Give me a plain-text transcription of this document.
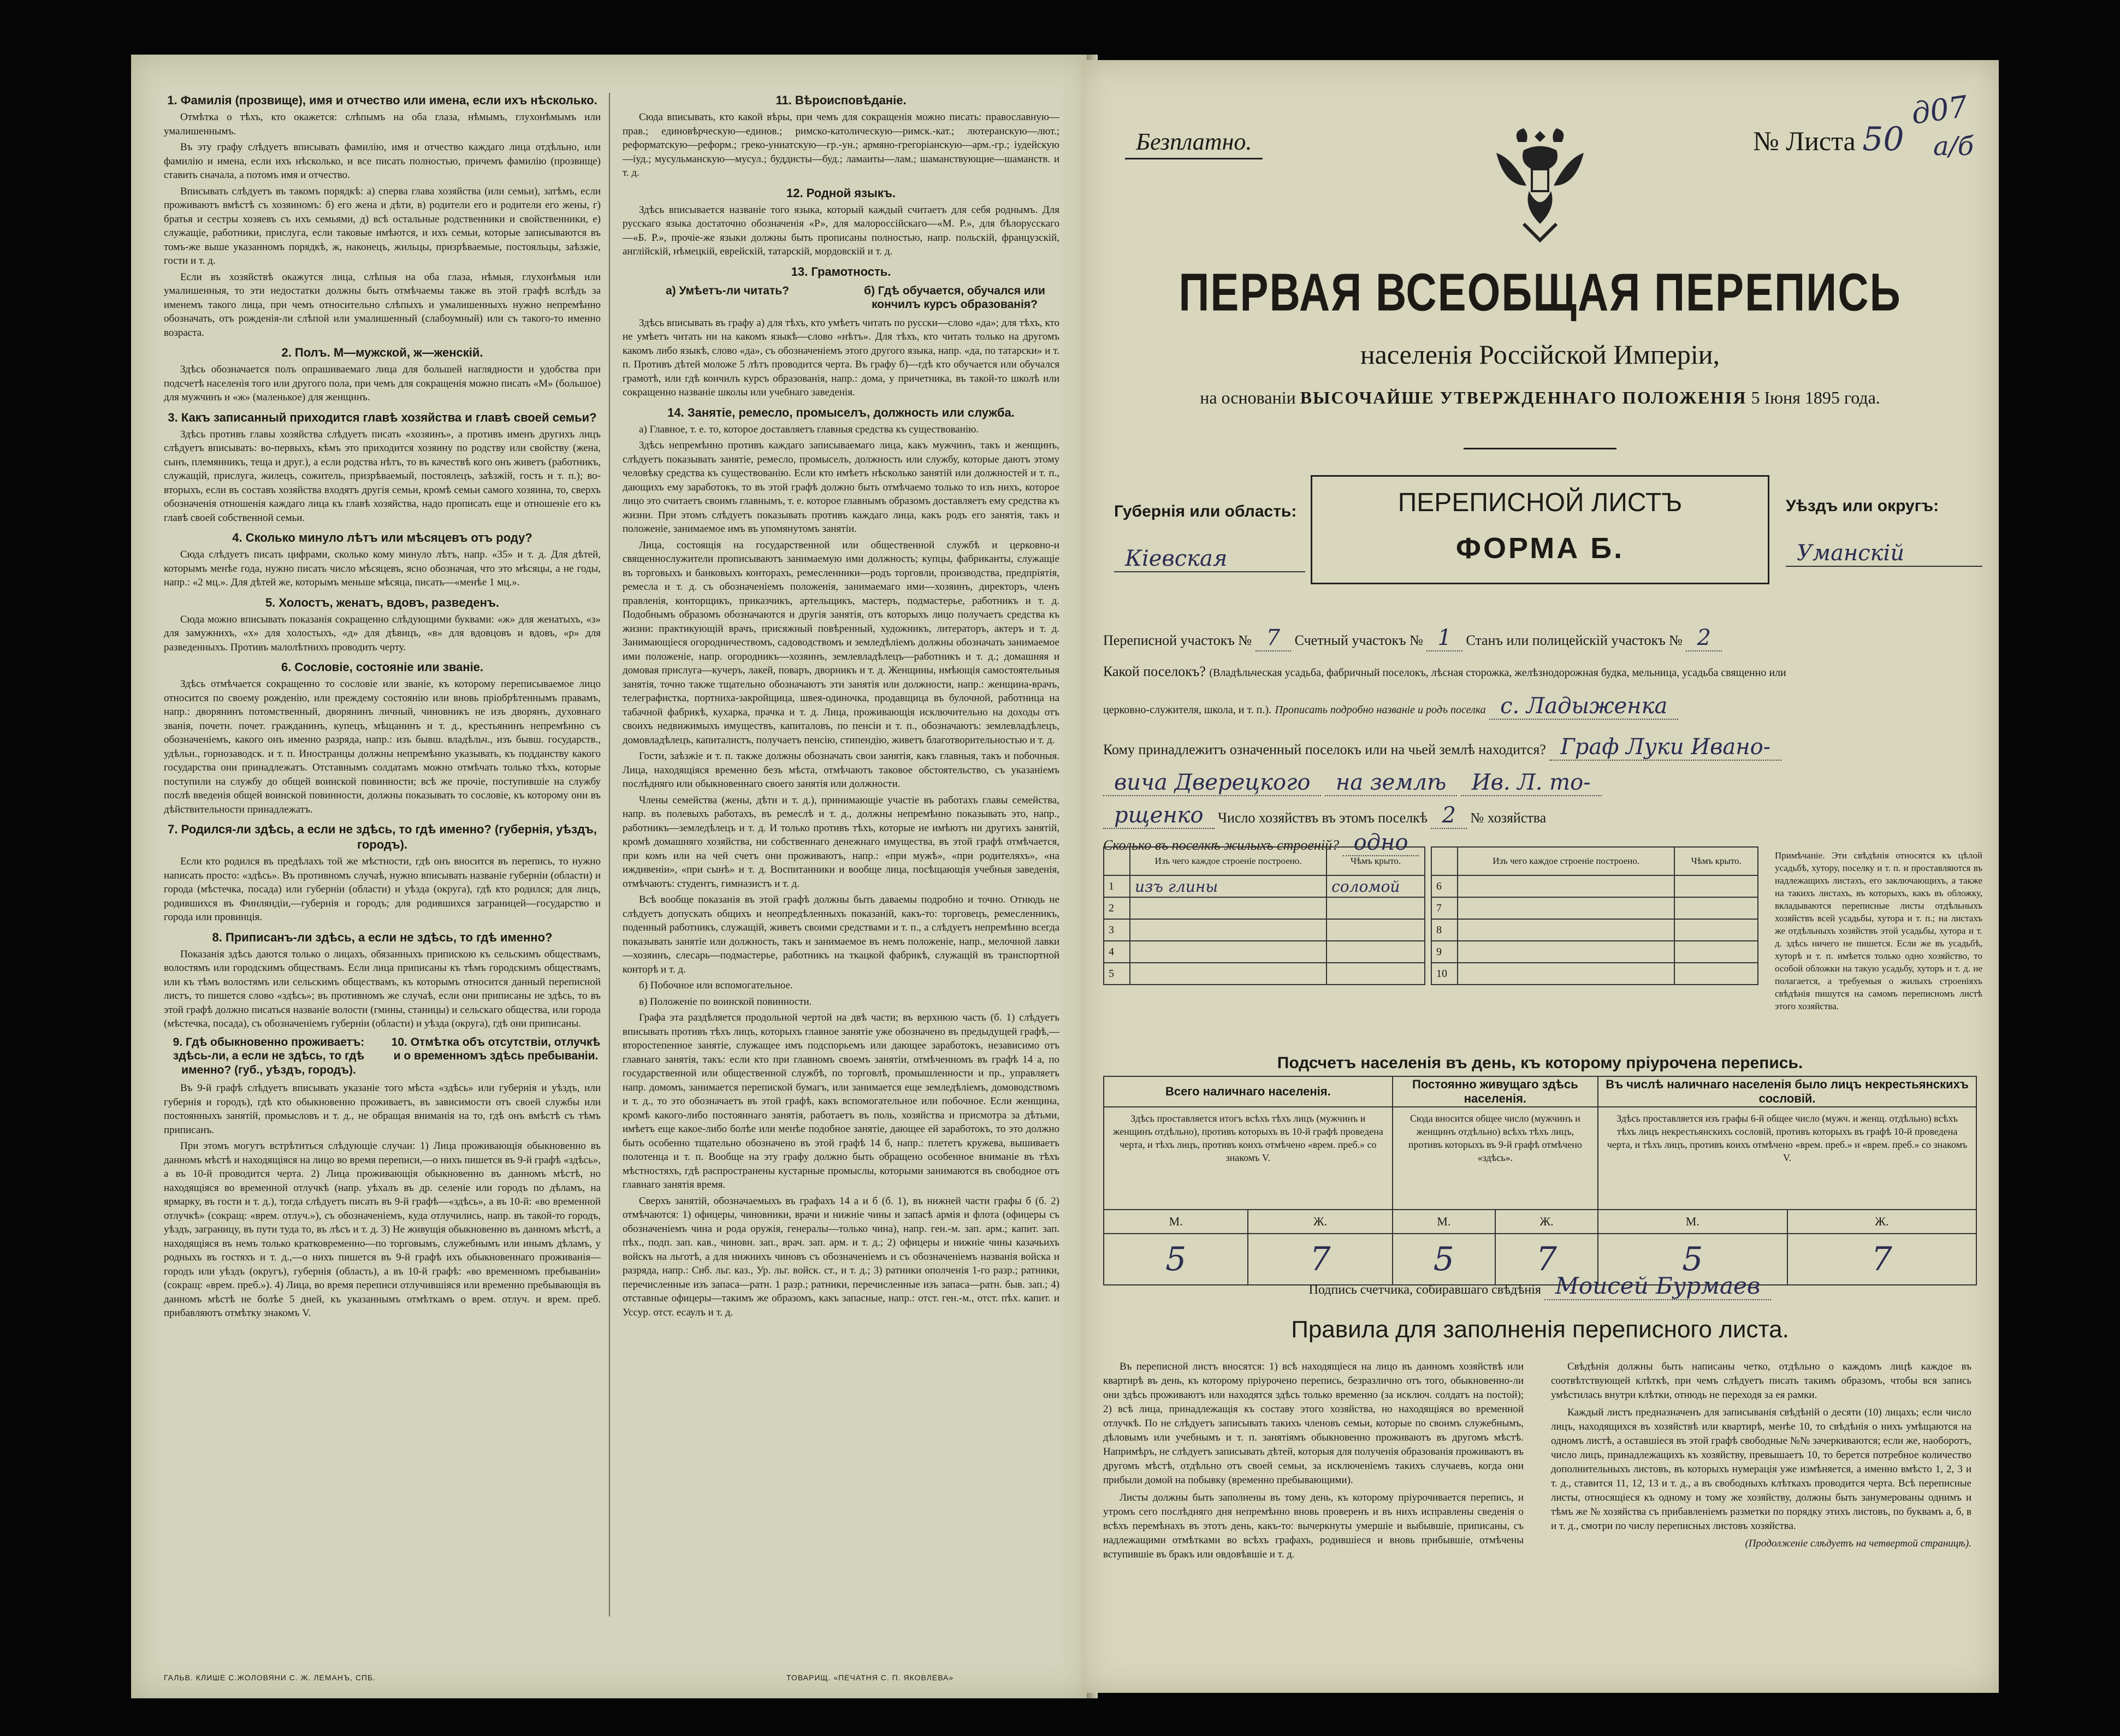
1. Фамилія (прозвище), имя и отчество или имена, если ихъ нѣсколько.

Отмѣтка о тѣхъ, кто окажется: слѣпымъ на оба глаза, нѣмымъ, глухонѣмымъ или умалишеннымъ.

Въ эту графу слѣдуетъ вписывать фамилію, имя и отчество каждаго лица отдѣльно, или фамилію и имена, если ихъ нѣсколько, и все писать полностью, причемъ фамилію (прозвище) ставить сначала, а потомъ имя и отчество.

Вписывать слѣдуетъ въ такомъ порядкѣ: а) сперва глава хозяйства (или семьи), затѣмъ, если проживаютъ вмѣстѣ съ хозяиномъ: б) его жена и дѣти, в) родители его и родители его жены, г) братья и сестры хозяевъ съ ихъ семьями, д) всѣ остальные родственники и свойственники, е) служащіе, работники, прислуга, если таковые имѣются, и ихъ семьи, которые записываются въ томъ-же выше указанномъ порядкѣ, ж, наконецъ, жильцы, призрѣваемые, постояльцы, заѣзжіе, гости и т. д.

Если въ хозяйствѣ окажутся лица, слѣпыя на оба глаза, нѣмыя, глухонѣмыя или умалишенныя, то эти недостатки должны быть отмѣчаемы также въ этой графѣ вслѣдъ за именемъ такого лица, при чемъ относительно слѣпыхъ и умалишенныхъ нужно непремѣнно обозначать, отъ рожденія-ли слѣпой или умалишенный (слабоумный) или съ такого-то именно возраста.

2. Полъ. М—мужской, ж—женскій.

Здѣсь обозначается полъ опрашиваемаго лица для большей наглядности и удобства при подсчетѣ населенія того или другого пола, при чемъ для сокращенія можно писать «М» (большое) для мужчинъ и «ж» (маленькое) для женщинъ.

3. Какъ записанный приходится главѣ хозяйства и главѣ своей семьи?

Здѣсь противъ главы хозяйства слѣдуетъ писать «хозяинъ», а противъ именъ другихъ лицъ слѣдуетъ вписывать: во-первыхъ, кѣмъ это приходится хозяину по родству или свойству (жена, сынъ, племянникъ, теща и друг.), а если родства нѣтъ, то въ качествѣ кого онъ живетъ (работникъ, служащій, прислуга, жилецъ, сожитель, призрѣваемый, постоялецъ, заѣзжій, гость и т. п.); во-вторыхъ, если въ составъ хозяйства входятъ другія семьи, кромѣ семьи самого хозяина, то, сверхъ обозначенія отношенія каждаго лица къ главѣ хозяйства, надо прописать еще и отношеніе его къ главѣ своей собственной семьи.

4. Сколько минуло лѣтъ или мѣсяцевъ отъ роду?

Сюда слѣдуетъ писать цифрами, сколько кому минуло лѣтъ, напр. «35» и т. д. Для дѣтей, которымъ менѣе года, нужно писать число мѣсяцевъ, ясно обозначая, что это мѣсяцы, а не годы, напр.: «2 мц.». Для дѣтей же, которымъ меньше мѣсяца, писать—«менѣе 1 мц.».

5. Холостъ, женатъ, вдовъ, разведенъ.

Сюда можно вписывать показанія сокращенно слѣдующими буквами: «ж» для женатыхъ, «з» для замужнихъ, «х» для холостыхъ, «д» для дѣвицъ, «в» для вдовцовъ и вдовъ, «р» для разведенныхъ. Противъ малолѣтнихъ проводить черту.

6. Сословіе, состояніе или званіе.

Здѣсь отмѣчается сокращенно то сословіе или званіе, къ которому переписываемое лицо относится по своему рожденію, или преждему состоянію или вновь пріобрѣтеннымъ правамъ, напр.: дворянинъ потомственный, дворянинъ личный, чиновникъ не изъ дворянъ, духовнаго званія, почетн. почет. гражданинъ, купецъ, мѣщанинъ и т. д., крестьянинъ непремѣнно съ обозначеніемъ, какого онъ именно разряда, напр.: изъ бывш. владѣльч., изъ бывш. государств., удѣльн., горнозаводск. и т. п. Иностранцы должны непремѣнно указывать, къ подданству какого государства они принадлежатъ. Отставнымъ солдатамъ можно отмѣчать только тѣхъ, которые поступили на службу до общей воинской повинности; всѣ же прочіе, поступившіе на службу послѣ введенія общей воинской повинности, должны показывать то сословіе, къ которому они въ дѣйствительности принадлежатъ.

7. Родился-ли здѣсь, а если не здѣсь, то гдѣ именно? (губернія, уѣздъ, городъ).

Если кто родился въ предѣлахъ той же мѣстности, гдѣ онъ вносится въ перепись, то нужно написать просто: «здѣсь». Въ противномъ случаѣ, нужно вписывать названіе губерніи (области) и города (мѣстечка, посада) или губерніи (области) и уѣзда (округа), гдѣ кто родился; для лицъ, родившихся въ Финляндіи,—губернія и городъ; для родившихся заграницей—государство и города или провинція.

8. Приписанъ-ли здѣсь, а если не здѣсь, то гдѣ именно?

Показанія здѣсь даются только о лицахъ, обязанныхъ припискою къ сельскимъ обществамъ, волостямъ или городскимъ обществамъ. Если лица приписаны къ тѣмъ городскимъ обществамъ, или къ тѣмъ волостямъ или сельскимъ обществамъ, къ которымъ относится данный переписной листъ, то пишется слово «здѣсь»; въ противномъ же случаѣ, если они приписаны не здѣсь, то въ этой графѣ должно писаться названіе волости (гмины, станицы) и сельскаго общества, или города (мѣстечка, посада), съ обозначеніемъ губерніи (области) и уѣзда (округа), гдѣ они приписаны.

9. Гдѣ обыкновенно проживаетъ: здѣсь-ли, а если не здѣсь, то гдѣ именно? (губ., уѣздъ, городъ).
10. Отмѣтка объ отсутствіи, отлучкѣ и о временномъ здѣсь пребываніи.

Въ 9-й графѣ слѣдуетъ вписывать указаніе того мѣста «здѣсь» или губернія и уѣздъ, или губернія и городъ), гдѣ кто обыкновенно проживаетъ, въ зависимости отъ своей службы или постоянныхъ занятій, промысловъ и т. д., не обращая вниманія на то, гдѣ онъ вмѣстѣ съ тѣмъ приписанъ.

При этомъ могутъ встрѣтиться слѣдующіе случаи: 1) Лица проживающія обыкновенно въ данномъ мѣстѣ и находящіяся на лицо во время переписи,—о нихъ пишется въ 9-й графѣ «здѣсь», а въ 10-й проводится черта. 2) Лица проживающія обыкновенно въ данномъ мѣстѣ, но находящіяся во временной отлучкѣ (напр. уѣхалъ въ др. селеніе или городъ по дѣламъ, на ярмарку, въ гости и т. д.), тогда слѣдуетъ писать въ 9-й графѣ—«здѣсь», а въ 10-й: «во временной отлучкѣ» (сокращ: «врем. отлуч.»), съ обозначеніемъ, куда отлучились, напр. въ такой-то городъ, уѣздъ, заграницу, въ пути туда то, въ лѣсъ и т. д. 3) Не живущія обыкновенно въ данномъ мѣстѣ, а находящіяся въ немъ только кратковременно—по торговымъ, служебнымъ или инымъ дѣламъ, у родныхъ въ гостяхъ и т. д.,—о нихъ пишется въ 9-й графѣ ихъ обыкновеннаго проживанія—городъ или уѣздъ (округъ), губернія (область), а въ 10-й графѣ: «во временномъ пребываніи» (сокращ: «врем. преб.»). 4) Лица, во время переписи отлучившіяся или временно пребывающія въ данномъ мѣстѣ не болѣе 5 дней, къ указаннымъ отмѣткамъ о врем. отлуч. и врем. преб. прибавляютъ отмѣтку знакомъ V.

11. Вѣроисповѣданіе.

Сюда вписывать, кто какой вѣры, при чемъ для сокращенія можно писать: православную—прав.; единовѣрческую—единов.; римско-католическую—римск.-кат.; лютеранскую—лют.; реформатскую—реформ.; греко-униатскую—гр.-ун.; армяно-грегоріанскую—арм.-гр.; іудейскую—іуд.; мусульманскую—мусул.; буддисты—буд.; ламаиты—лам.; шаманствующие—шаманств. и т. д.

12. Родной языкъ.

Здѣсь вписывается названіе того языка, который каждый считаетъ для себя роднымъ. Для русскаго языка достаточно обозначенія «Р», для малороссійскаго—«М. Р.», для бѣлорусскаго—«Б. Р.», прочіе-же языки должны быть прописаны полностью, напр. польскій, французскій, англійскій, нѣмецкій, еврейскій, татарскій, мордовскій и т. д.

13. Грамотность.
а) Умѣетъ-ли читать?	б) Гдѣ обучается, обучался или кончилъ курсъ образованія?

Здѣсь вписывать въ графу а) для тѣхъ, кто умѣетъ читать по русски—слово «да»; для тѣхъ, кто не умѣетъ читать ни на какомъ языкѣ—слово «нѣтъ». Для тѣхъ, кто читать только на другомъ какомъ либо языкѣ, слово «да», съ обозначеніемъ этого другого языка, напр. «да, по татарски» и т. п. Противъ дѣтей моложе 5 лѣтъ проводится черта. Въ графу б)—гдѣ кто обучается или обучался грамотѣ, или гдѣ кончилъ курсъ образованія, напр.: дома, у причетника, въ такой-то школѣ или сокращенно названіе школы или учебнаго заведенія.

14. Занятіе, ремесло, промыселъ, должность или служба.

а) Главное, т. е. то, которое доставляетъ главныя средства къ существованію.

Здѣсь непремѣнно противъ каждаго записываемаго лица, какъ мужчинъ, такъ и женщинъ, слѣдуетъ показывать занятіе, ремесло, промыселъ, должность или службу, которые даютъ этому человѣку средства къ существованію. Если кто имѣетъ нѣсколько занятій или должностей и т. п., дающихъ ему заработокъ, то въ этой графѣ должно быть отмѣчаемо только то изъ нихъ, которое лицо это считаетъ своимъ главнымъ, т. е. которое главнымъ образомъ доставляетъ ему средства къ жизни. При этомъ слѣдуетъ показывать противъ каждаго лица, какъ родъ его занятія, такъ и положеніе, занимаемое имъ въ упомянутомъ занятіи.

Лица, состоящія на государственной или общественной службѣ и церковно-и священнослужители прописываютъ занимаемую ими должность; купцы, фабриканты, служащіе въ торговыхъ и банковыхъ конторахъ, ремесленники—родъ торговли, производства, предпріятія, ремесла и т. д. съ обозначеніемъ положенія, занимаемаго ими—хозяинъ, директоръ, членъ правленія, конторщикъ, приказчикъ, артельщикъ, мастеръ, подмастерье, работникъ и т. д. Подобнымъ образомъ обозначаются и другія занятія, отъ которыхъ лицо получаетъ средства къ жизни: практикующій врачъ, присяжный повѣренный, художникъ, литераторъ, актеръ и т. д. Занимающіеся огородничествомъ, садоводствомъ и земледѣліемъ должны обозначать занимаемое ими положеніе, напр. огородникъ—хозяинъ, землевладѣлецъ—работникъ и т. д.; домашняя и домовая прислуга—кучеръ, лакей, поваръ, дворникъ и т. д. Женщины, имѣющія самостоятельныя занятія, точно также тщательно обозначаютъ эти занятія или должности, напр.: женщина-врачъ, телеграфистка, портниха-закройщица, швея-одиночка, продавщица въ булочной, работница на табачной фабрикѣ, кухарка, прачка и т. д. Лица, проживающія исключительно на доходы отъ своихъ недвижимыхъ имуществъ, капиталовъ, по пенсіи и т. п., обозначаютъ: землевладѣлецъ, домовладѣлецъ, капиталистъ, получаетъ пенсію, стипендію, живетъ благотворительностью и т. д.

Гости, заѣзжіе и т. п. также должны обозначать свои занятія, какъ главныя, такъ и побочныя. Лица, находящіяся временно безъ мѣста, отмѣчаютъ таковое обстоятельство, съ указаніемъ послѣдняго или обыкновеннаго своего занятія или должности.

Члены семейства (жены, дѣти и т. д.), принимающіе участіе въ работахъ главы семейства, напр. въ полевыхъ работахъ, въ ремеслѣ и т. д., должны непремѣнно показывать это, напр., работникъ—земледѣлецъ и т. д. И только противъ тѣхъ, которые не имѣютъ ни другихъ занятій, кромѣ домашняго хозяйства, ни собственнаго денежнаго имущества, въ этой графѣ отмѣчается, при комъ или на чей счетъ они проживаютъ, напр.: «при мужѣ», «при родителяхъ», «на иждивеніи», «при сынѣ» и т. д. Воспитанники и вообще лица, посѣщающія учебныя заведенія, отмѣчаютъ: студентъ, гимназистъ и т. д.

Всѣ вообще показанія въ этой графѣ должны быть даваемы подробно и точно. Отнюдь не слѣдуетъ допускать общихъ и неопредѣленныхъ показаній, какъ-то: торговецъ, ремесленникъ, поденный работникъ, служащій, живетъ своими средствами и т. п., а слѣдуетъ непремѣнно всегда показывать занятіе или должность, такъ и занимаемое въ немъ положеніе, напр., мелочной лавки—хозяинъ, слесарь—подмастерье, работникъ на ткацкой фабрикѣ, служащій въ транспортной конторѣ и т. д.

б) Побочное или вспомогательное.

в) Положеніе по воинской повинности.

Графа эта раздѣляется продольной чертой на двѣ части; въ верхнюю часть (б. 1) слѣдуетъ вписывать противъ тѣхъ лицъ, которыхъ главное занятіе уже обозначено въ предыдущей графѣ,—второстепенное занятіе, служащее имъ подспорьемъ или дающее заработокъ, независимо отъ главнаго занятія, такъ: если кто при главномъ своемъ занятіи, отмѣченномъ въ графѣ 14 а, по государственной или общественной службѣ, по торговлѣ, промышленности и пр., управляетъ напр. домомъ, занимается перепиской бумагъ, или занимается еще земледѣліемъ, домоводствомъ и т. д., то это обозначаетъ въ этой графѣ, какъ вспомогательное или побочное. Если женщина, кромѣ какого-либо постояннаго занятія, работаетъ въ поль, хозяйства и присмотра за дѣтьми, имѣетъ еще какое-либо болѣе или менѣе подобное занятіе, дающее ей заработокъ, то это должно быть особенно тщательно обозначено въ этой графѣ 14 б, напр.: плететъ кружева, вышиваетъ полотенца и т. п. Вообще на эту графу должно быть обращено особенное вниманіе въ тѣхъ мѣстностяхъ, гдѣ распространены кустарные промыслы, которыми занимаются въ свободное отъ главнаго занятія время.

Сверхъ занятій, обозначаемыхъ въ графахъ 14 а и б (б. 1), въ нижней части графы б (б. 2) отмѣчаются: 1) офицеры, чиновники, врачи и нижніе чины и запасѣ армія и флота (офицеры съ обозначеніемъ чина и рода оружія, генералы—только чина), напр. ген.-м. зап. арм.; капит. зап. пѣх., подп. зап. кав., чиновн. зап., врач. зап. арм. и т. д.; 2) офицеры и нижніе чины казачьихъ войскъ на льготѣ, а для нижнихъ чиновъ съ обозначеніемъ и съ обозначеніемъ названія войска и разряда, напр.: Сиб. льг. каз., Ур. льг. войск. ст., и т. д.; 3) ратники ополченія 1-го разр.; ратники, перечисленные изъ запаса—ратн. 1 разр.; ратники, перечисленные изъ запаса—ратн. быв. зап.; 4) отставные офицеры—такимъ же образомъ, какъ запасные, напр.: отст. ген.-м., отст. пѣх. капит. и Уссур. отст. есаулъ и т. д.

ГАЛЬВ. КЛИШЕ С.ЖОЛОВЯНИ С. Ж. ЛЕМАНЪ, СПБ.	ТОВАРИЩ. «ПЕЧАТНЯ С. П. ЯКОВЛЕВА»
Безплатно.	№ Листа 50
д07
а/б
ПЕРВАЯ ВСЕОБЩАЯ ПЕРЕПИСЬ
населенія Россійской Имперіи,
на основаніи ВЫСОЧАЙШЕ УТВЕРЖДЕННАГО ПОЛОЖЕНІЯ 5 Іюня 1895 года.
Губернія или область:
Кiевская
ПЕРЕПИСНОЙ ЛИСТЪ
ФОРМА Б.
Уѣздъ или округъ:
Уманскiй
Переписной участокъ № 7 Счетный участокъ № 1 Станъ или полицейскій участокъ № 2
Какой поселокъ? (Владѣльческая усадьба, фабричный поселокъ, лѣсная сторожка, желѣзнодорожная будка, мельница, усадьба священно или
церковно-служителя, школа, и т. п.). Прописать подробно названіе и родъ поселка с. Ладыженка
Кому принадлежитъ означенный поселокъ или на чьей землѣ находится? Граф Луки Ивано-
вича Дверецкого на землѣ Ив. Л. то-
рщенко Число хозяйствъ въ этомъ поселкѣ 2 № хозяйства
Сколько въ поселкѣ жилыхъ строеній? одно
	Изъ чего каждое строеніе построено.	Чѣмъ крыто.
1	изъ глины	соломой
2		
3		
4		
5		
	Изъ чего каждое строеніе построено.	Чѣмъ крыто.
6		
7		
8		
9		
10		
Примѣчаніе. Эти свѣдѣнія относятся къ цѣлой усадьбѣ, хутору, поселку и т. п. и проставляются въ надлежащихъ листахъ, его заключающихъ, а также на такихъ листахъ, въ которыхъ, какъ въ обложку, вкладываются переписные листы отдѣльныхъ хозяйствъ всей усадьбы, хутора и т. п.; на листахъ же отдѣльныхъ хозяйствъ этой усадьбы, хутора и т. д. здѣсь ничего не пишется. Если же въ усадьбѣ, хуторѣ и т. п. имѣется только одно хозяйство, то особой обложки на такую усадьбу, хуторъ и т. д. не полагается, а требуемыя о жилыхъ строеніяхъ свѣдѣнія пишутся на самомъ переписномъ листѣ этого хозяйства.
Подсчетъ населенія въ день, къ которому пріурочена перепись.
Всего наличнаго населенія.		Постоянно живущаго здѣсь населенія.		Въ числѣ наличнаго населенія было лицъ некрестьянскихъ сословій.	
Здѣсь проставляется итогъ всѣхъ тѣхъ лицъ (мужчинъ и женщинъ отдѣльно), противъ которыхъ въ 10-й графѣ проведена черта, и тѣхъ лицъ, противъ коихъ отмѣчено «врем. преб.» со знакомъ V.		Сюда вносится общее число (мужчинъ и женщинъ отдѣльно) всѣхъ тѣхъ лицъ, противъ которыхъ въ 9-й графѣ отмѣчено «здѣсь».		Здѣсь проставляется изъ графы 6-й общее число (мужч. и женщ. отдѣльно) всѣхъ тѣхъ лицъ некрестьянскихъ сословій, противъ которыхъ въ графѣ 10-й проведена черта, и тѣхъ лицъ, противъ коихъ отмѣчено «врем. преб.» и «врем. преб.» со знакомъ V.	
М.	Ж.	М.	Ж.	М.	Ж.
5	7	5	7	5	7
Подпись счетчика, собиравшаго свѣдѣнія Моисей Бурмаев
Правила для заполненія переписного листа.

Въ переписной листъ вносятся: 1) всѣ находящіеся на лицо въ данномъ хозяйствѣ или квартирѣ въ день, къ которому пріурочено перепись, безразлично отъ того, обыкновенно-ли они здѣсь проживаютъ или находятся здѣсь только временно (за исключ. солдатъ на постой); 2) всѣ лица, принадлежащія къ составу этого хозяйства, но находящіяся во временной отлучкѣ. По не слѣдуетъ записывать такихъ членовъ семьи, которые по своимъ служебнымъ, дѣловымъ или учебнымъ и т. п. занятіямъ обыкновенно проживаютъ въ другомъ мѣстѣ. Напримѣръ, не слѣдуетъ записывать дѣтей, которыя для полученія образованія проживаютъ въ другомъ мѣстѣ, отдѣльно отъ своей семьи, за исключеніемъ такихъ случаевъ, когда они прибыли домой на побывку (временно пребывающими).

Листы должны быть заполнены въ тому день, къ которому пріурочивается перепись, и утромъ сего послѣдняго дня непремѣнно вновь проверенъ и въ нихъ исправлены сведенія о всѣхъ перемѣнахъ въ этотъ день, какъ-то: вычеркнуты умершіе и выбывшіе, приписаны, съ надлежащими отмѣтками во всѣхъ графахъ, родившіеся и вновь прибывшіе, отмѣчены вступившіе въ бракъ или овдовѣвшіе и т. д.

Свѣдѣнія должны быть написаны четко, отдѣльно о каждомъ лицѣ каждое въ соотвѣтствующей клѣткѣ, при чемъ слѣдуетъ писать такимъ образомъ, чтобы вся запись умѣстилась внутри клѣтки, отнюдь не переходя за ея рамки.

Каждый листъ предназначенъ для записыванія свѣдѣній о десяти (10) лицахъ; если число лицъ, находящихся въ хозяйствѣ или квартирѣ, менѣе 10, то свѣдѣнія о нихъ умѣщаются на одномъ листѣ, а оставшіеся въ этой графѣ свободные №№ зачеркиваются; если же, наоборотъ, число лицъ, принадлежащихъ къ хозяйству, превышаетъ 10, то берется потребное количество дополнительныхъ листовъ, въ которыхъ нумерація уже измѣняется, а именно вмѣсто 1, 2, 3 и т. д., ставится 11, 12, 13 и т. д., а въ свободныхъ клѣткахъ проводится черта. Всѣ переписные листы, относящіеся къ одному и тому же хозяйству, должны быть занумерованы однимъ и тѣмъ же № хозяйства съ прибавленіемъ разметки по порядку этихъ листовъ, по буквамъ а, б, в и т. д., смотри по числу переписных листовъ хозяйства.

(Продолженіе слѣдуетъ на четвертой страницѣ).
